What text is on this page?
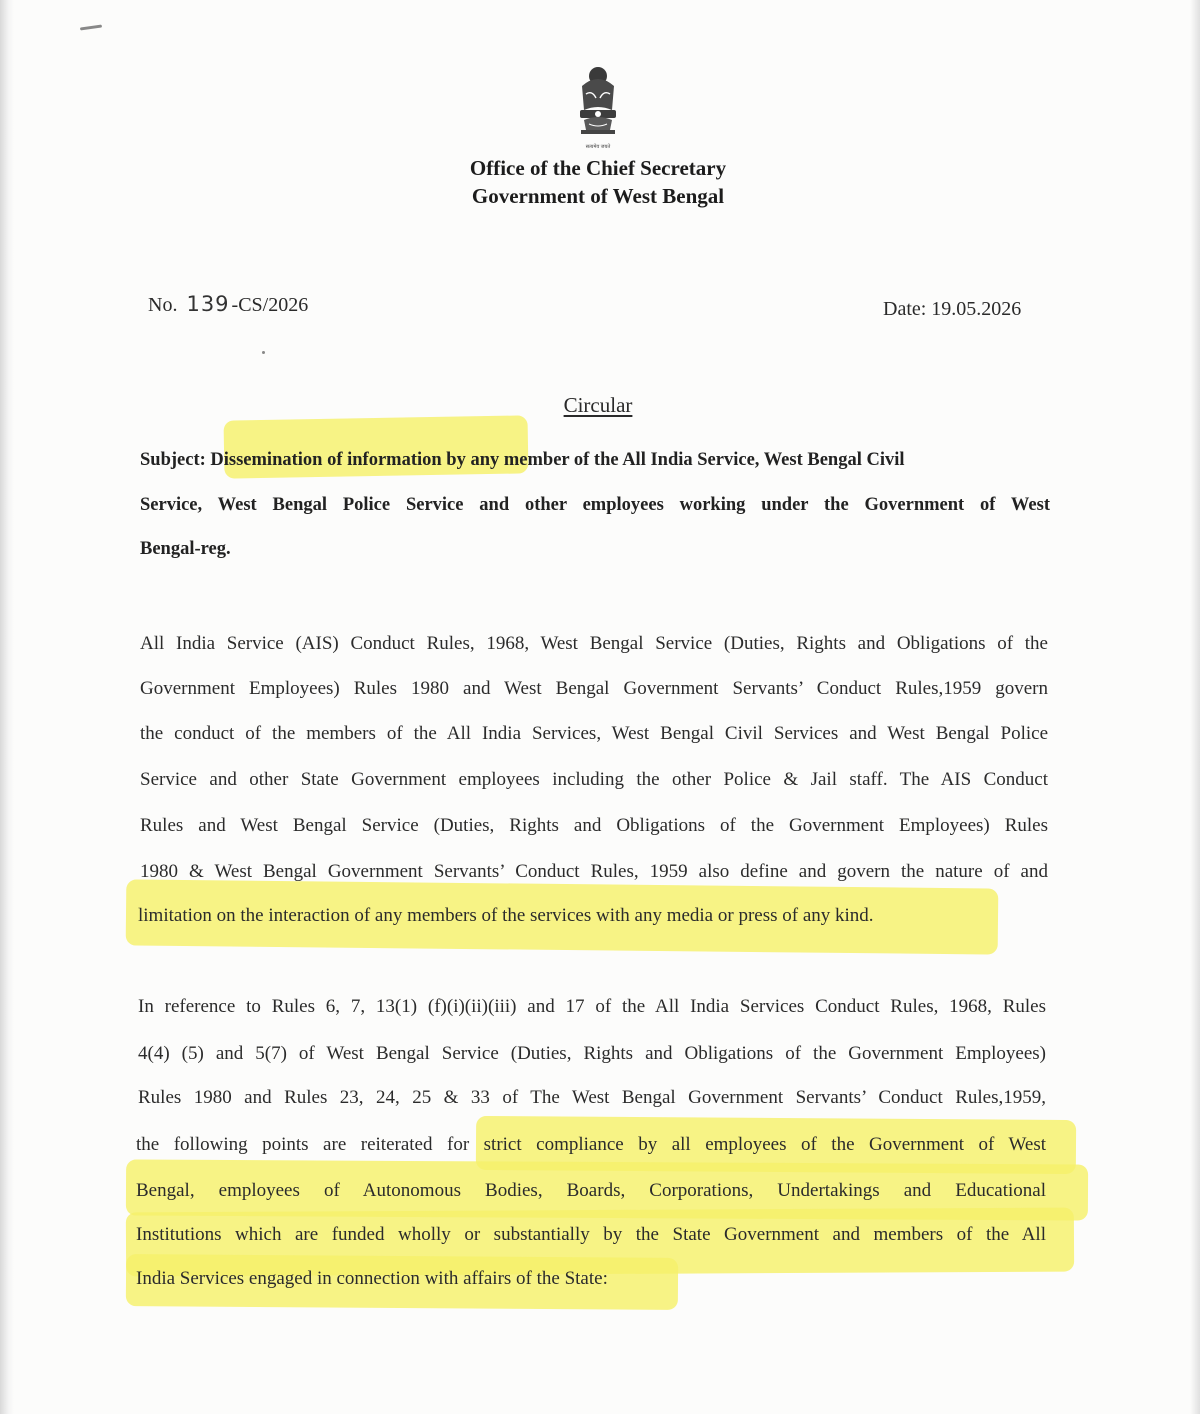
सत्यमेव जयते
Office of the Chief Secretary
Government of West Bengal
No. 139 -CS/2026	Date: 19.05.2026
Circular
Subject: Dissemination of information by any member of the All India Service, West Bengal Civil
Service, West Bengal Police Service and other employees working under the Government of West
Bengal-reg.
All India Service (AIS) Conduct Rules, 1968, West Bengal Service (Duties, Rights and Obligations of the
Government Employees) Rules 1980 and West Bengal Government Servants’ Conduct Rules,1959 govern
the conduct of the members of the All India Services, West Bengal Civil Services and West Bengal Police
Service and other State Government employees including the other Police & Jail staff. The AIS Conduct
Rules and West Bengal Service (Duties, Rights and Obligations of the Government Employees) Rules
1980 & West Bengal Government Servants’ Conduct Rules, 1959 also define and govern the nature of and
limitation on the interaction of any members of the services with any media or press of any kind.
In reference to Rules 6, 7, 13(1) (f)(i)(ii)(iii) and 17 of the All India Services Conduct Rules, 1968, Rules
4(4) (5) and 5(7) of West Bengal Service (Duties, Rights and Obligations of the Government Employees)
Rules 1980 and Rules 23, 24, 25 & 33 of The West Bengal Government Servants’ Conduct Rules,1959,
the following points are reiterated for strict compliance by all employees of the Government of West
Bengal, employees of Autonomous Bodies, Boards, Corporations, Undertakings and Educational
Institutions which are funded wholly or substantially by the State Government and members of the All
India Services engaged in connection with affairs of the State:
